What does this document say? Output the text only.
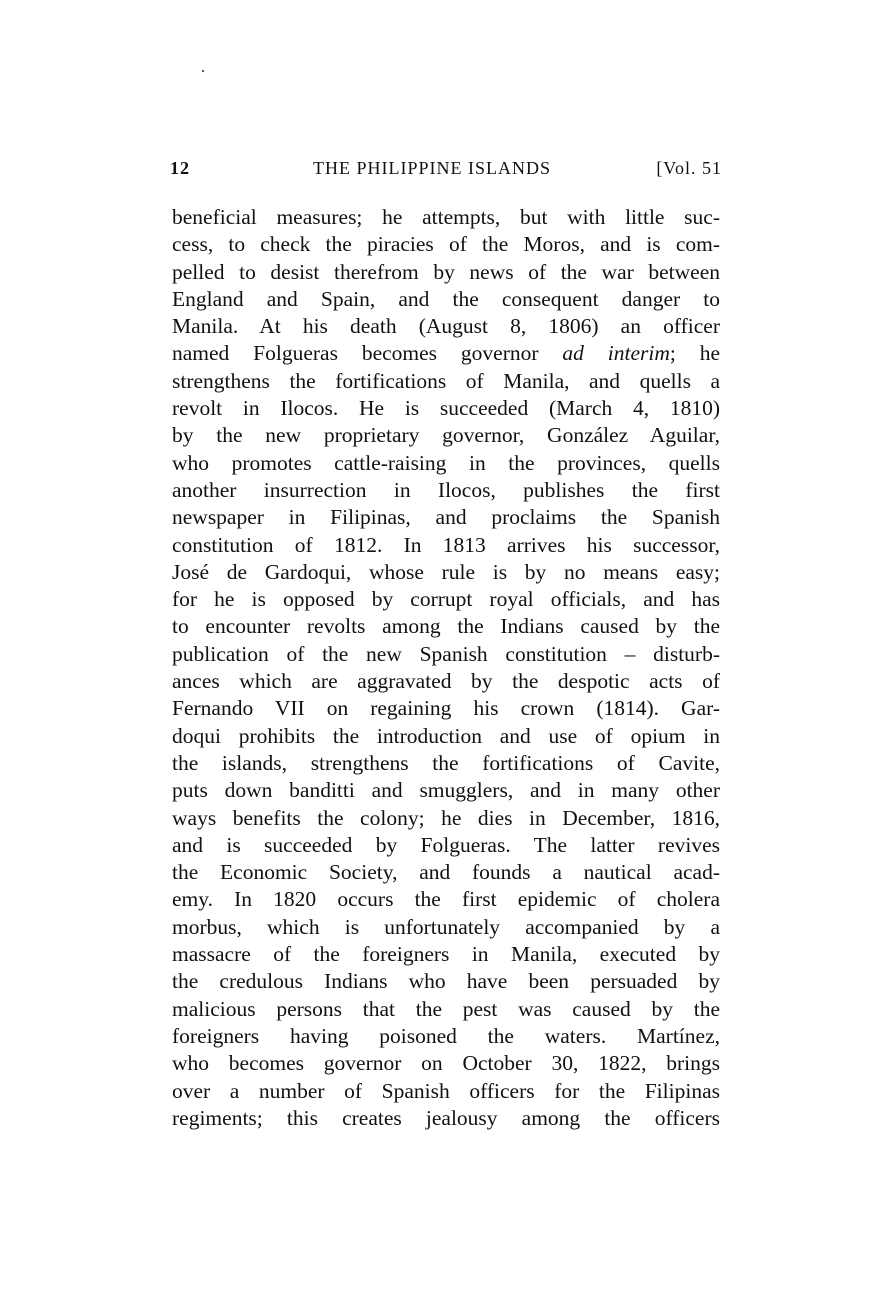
12	THE PHILIPPINE ISLANDS	[Vol. 51
beneficial measures; he attempts, but with little suc-
cess, to check the piracies of the Moros, and is com-
pelled to desist therefrom by news of the war between
England and Spain, and the consequent danger to
Manila. At his death (August 8, 1806) an officer
named Folgueras becomes governor ad interim; he
strengthens the fortifications of Manila, and quells a
revolt in Ilocos. He is succeeded (March 4, 1810)
by the new proprietary governor, González Aguilar,
who promotes cattle-raising in the provinces, quells
another insurrection in Ilocos, publishes the first
newspaper in Filipinas, and proclaims the Spanish
constitution of 1812. In 1813 arrives his successor,
José de Gardoqui, whose rule is by no means easy;
for he is opposed by corrupt royal officials, and has
to encounter revolts among the Indians caused by the
publication of the new Spanish constitution – disturb-
ances which are aggravated by the despotic acts of
Fernando VII on regaining his crown (1814). Gar-
doqui prohibits the introduction and use of opium in
the islands, strengthens the fortifications of Cavite,
puts down banditti and smugglers, and in many other
ways benefits the colony; he dies in December, 1816,
and is succeeded by Folgueras. The latter revives
the Economic Society, and founds a nautical acad-
emy. In 1820 occurs the first epidemic of cholera
morbus, which is unfortunately accompanied by a
massacre of the foreigners in Manila, executed by
the credulous Indians who have been persuaded by
malicious persons that the pest was caused by the
foreigners having poisoned the waters. Martínez,
who becomes governor on October 30, 1822, brings
over a number of Spanish officers for the Filipinas
regiments; this creates jealousy among the officers
